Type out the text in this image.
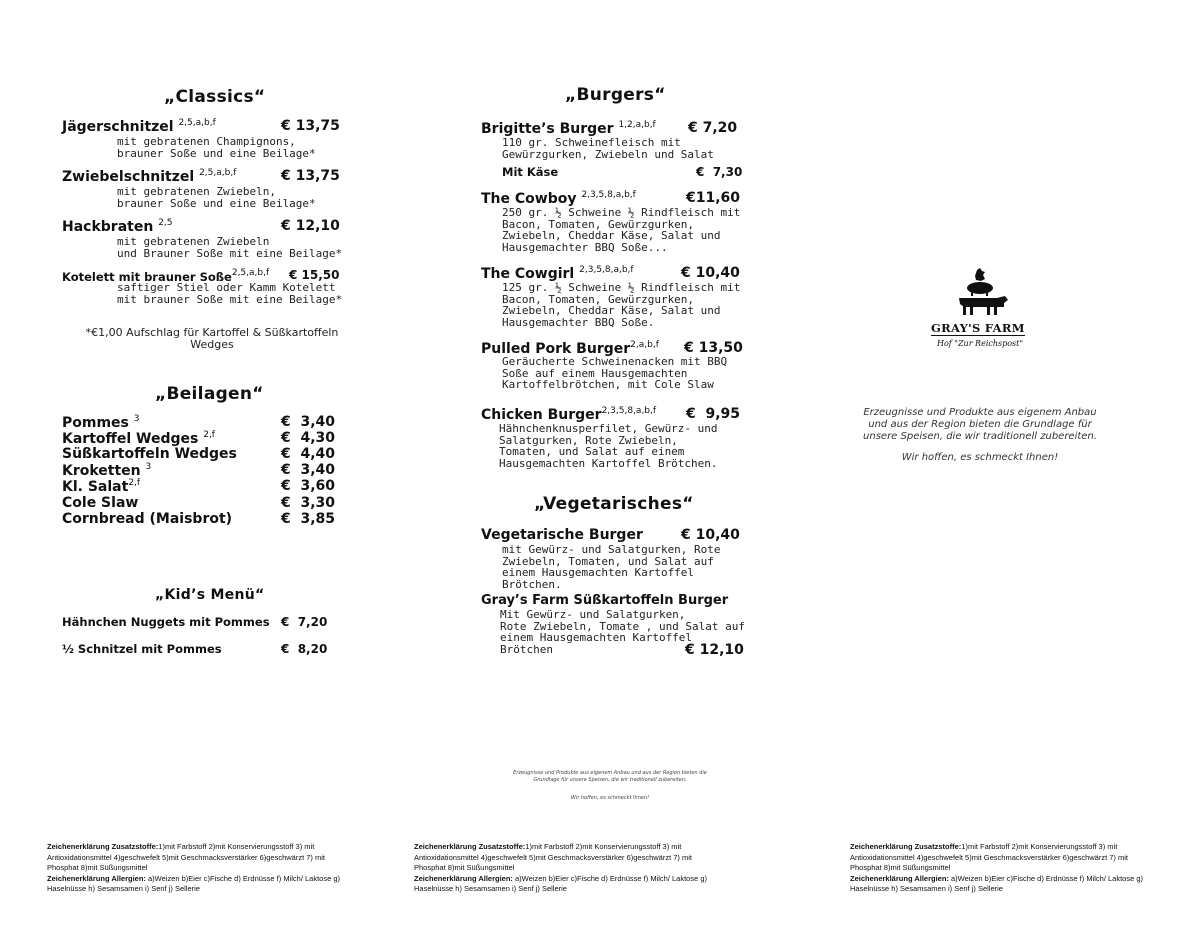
„Classics“
Jägerschnitzel $^{2,5,a,b,f}$	€ 13,75
mit gebratenen Champignons,
brauner Soße und eine Beilage*
Zwiebelschnitzel $^{2,5,a,b,f}$	€ 13,75
mit gebratenen Zwiebeln,
brauner Soße und eine Beilage*
Hackbraten $^{2,5}$	€ 12,10
mit gebratenen Zwiebeln
und Brauner Soße mit eine Beilage*
Kotelett mit brauner Soße$^{2,5,a,b,f}$ € 15,50
saftiger Stiel oder Kamm Kotelett
mit brauner Soße mit eine Beilage*
*€1,00 Aufschlag für Kartoffel & Süßkartoffeln
Wedges
„Beilagen“
Pommes $^3$	€  3,40
Kartoffel Wedges $^{2,f}$	€  4,30
Süßkartoffeln Wedges	€  4,40
Kroketten $^3$	€  3,40
Kl. Salat$^{2,f}$	€  3,60
Cole Slaw	€  3,30
Cornbread (Maisbrot)	€  3,85
„Kid’s Menü“
Hähnchen Nuggets mit Pommes €  7,20
½ Schnitzel mit Pommes	€  8,20
„Burgers“
Brigitte’s Burger $^{1,2,a,b,f}$ € 7,20
110 gr. Schweinefleisch mit
Gewürzgurken, Zwiebeln und Salat
Mit Käse	€  7,30
The Cowboy $^{2,3,5,8,a,b,f}$	€11,60
250 gr. ½ Schweine ½ Rindfleisch mit
Bacon, Tomaten, Gewürzgurken,
Zwiebeln, Cheddar Käse, Salat und
Hausgemachter BBQ Soße...
The Cowgirl $^{2,3,5,8,a,b,f}$	€ 10,40
125 gr. ½ Schweine ½ Rindfleisch mit
Bacon, Tomaten, Gewürzgurken,
Zwiebeln, Cheddar Käse, Salat und
Hausgemachter BBQ Soße.
Pulled Pork Burger$^{2,a,b,f}$ € 13,50
Geräucherte Schweinenacken mit BBQ
Soße auf einem Hausgemachten
Kartoffelbrötchen, mit Cole Slaw
Chicken Burger$^{2,3,5,8,a,b,f}$ €  9,95
Hähnchenknusperfilet, Gewürz- und
Salatgurken, Rote Zwiebeln,
Tomaten, und Salat auf einem
Hausgemachten Kartoffel Brötchen.
„Vegetarisches“
Vegetarische Burger	€ 10,40
mit Gewürz- und Salatgurken, Rote
Zwiebeln, Tomaten, und Salat auf
einem Hausgemachten Kartoffel
Brötchen.
Gray’s Farm Süßkartoffeln Burger
Mit Gewürz- und Salatgurken,
Rote Zwiebeln, Tomate , und Salat auf
einem Hausgemachten Kartoffel
Brötchen	€ 12,10
GRAY'S FARM
Hof "Zur Reichspost"
Erzeugnisse und Produkte aus eigenem Anbau
und aus der Region bieten die Grundlage für
unsere Speisen, die wir traditionell zubereiten.
Wir hoffen, es schmeckt Ihnen!
Erzeugnisse und Produkte aus eigenem Anbau und aus der Region bieten die
Grundlage für unsere Speisen, die wir traditionell zubereiten.
Wir hoffen, es schmeckt Ihnen!
Zeichenerklärung Zusatzstoffe:1)mit Farbstoff 2)mit Konservierungsstoff 3) mit Antioxidationsmittel 4)geschwefelt 5)mit Geschmacksverstärker 6)geschwärzt 7) mit Phosphat 8)mit Süßungsmittel
Zeichenerklärung Allergien: a)Weizen b)Eier c)Fische d) Erdnüsse f) Milch/ Laktose g) Haselnüsse h) Sesamsamen i) Senf j) Sellerie
Zeichenerklärung Zusatzstoffe:1)mit Farbstoff 2)mit Konservierungsstoff 3) mit Antioxidationsmittel 4)geschwefelt 5)mit Geschmacksverstärker 6)geschwärzt 7) mit Phosphat 8)mit Süßungsmittel
Zeichenerklärung Allergien: a)Weizen b)Eier c)Fische d) Erdnüsse f) Milch/ Laktose g) Haselnüsse h) Sesamsamen i) Senf j) Sellerie
Zeichenerklärung Zusatzstoffe:1)mit Farbstoff 2)mit Konservierungsstoff 3) mit Antioxidationsmittel 4)geschwefelt 5)mit Geschmacksverstärker 6)geschwärzt 7) mit Phosphat 8)mit Süßungsmittel
Zeichenerklärung Allergien: a)Weizen b)Eier c)Fische d) Erdnüsse f) Milch/ Laktose g) Haselnüsse h) Sesamsamen i) Senf j) Sellerie
